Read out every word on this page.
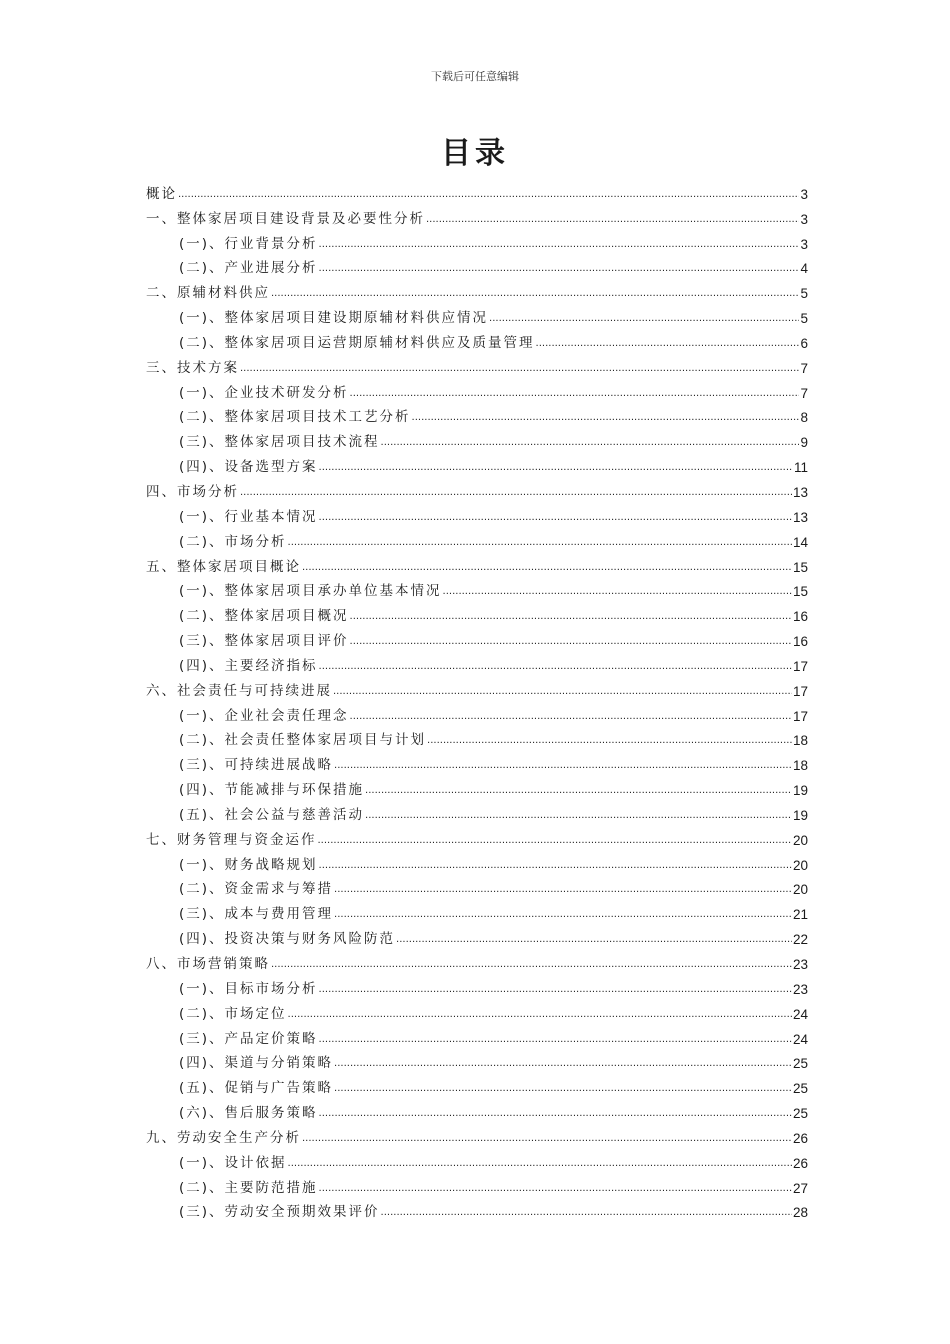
下载后可任意编辑
目录
概论 .....	3
一、整体家居项目建设背景及必要性分析 .....	3
(一)、行业背景分析 .....	3
(二)、产业进展分析 .....	4
二、原辅材料供应 .....	5
(一)、整体家居项目建设期原辅材料供应情况 .....	5
(二)、整体家居项目运营期原辅材料供应及质量管理 .....	6
三、技术方案 .....	7
(一)、企业技术研发分析 .....	7
(二)、整体家居项目技术工艺分析 .....	8
(三)、整体家居项目技术流程 .....	9
(四)、设备选型方案 .....	11
四、市场分析 .....	13
(一)、行业基本情况 .....	13
(二)、市场分析 .....	14
五、整体家居项目概论 .....	15
(一)、整体家居项目承办单位基本情况 .....	15
(二)、整体家居项目概况 .....	16
(三)、整体家居项目评价 .....	16
(四)、主要经济指标 .....	17
六、社会责任与可持续进展 .....	17
(一)、企业社会责任理念 .....	17
(二)、社会责任整体家居项目与计划 .....	18
(三)、可持续进展战略 .....	18
(四)、节能减排与环保措施 .....	19
(五)、社会公益与慈善活动 .....	19
七、财务管理与资金运作 .....	20
(一)、财务战略规划 .....	20
(二)、资金需求与筹措 .....	20
(三)、成本与费用管理 .....	21
(四)、投资决策与财务风险防范 .....	22
八、市场营销策略 .....	23
(一)、目标市场分析 .....	23
(二)、市场定位 .....	24
(三)、产品定价策略 .....	24
(四)、渠道与分销策略 .....	25
(五)、促销与广告策略 .....	25
(六)、售后服务策略 .....	25
九、劳动安全生产分析 .....	26
(一)、设计依据 .....	26
(二)、主要防范措施 .....	27
(三)、劳动安全预期效果评价 .....	28
